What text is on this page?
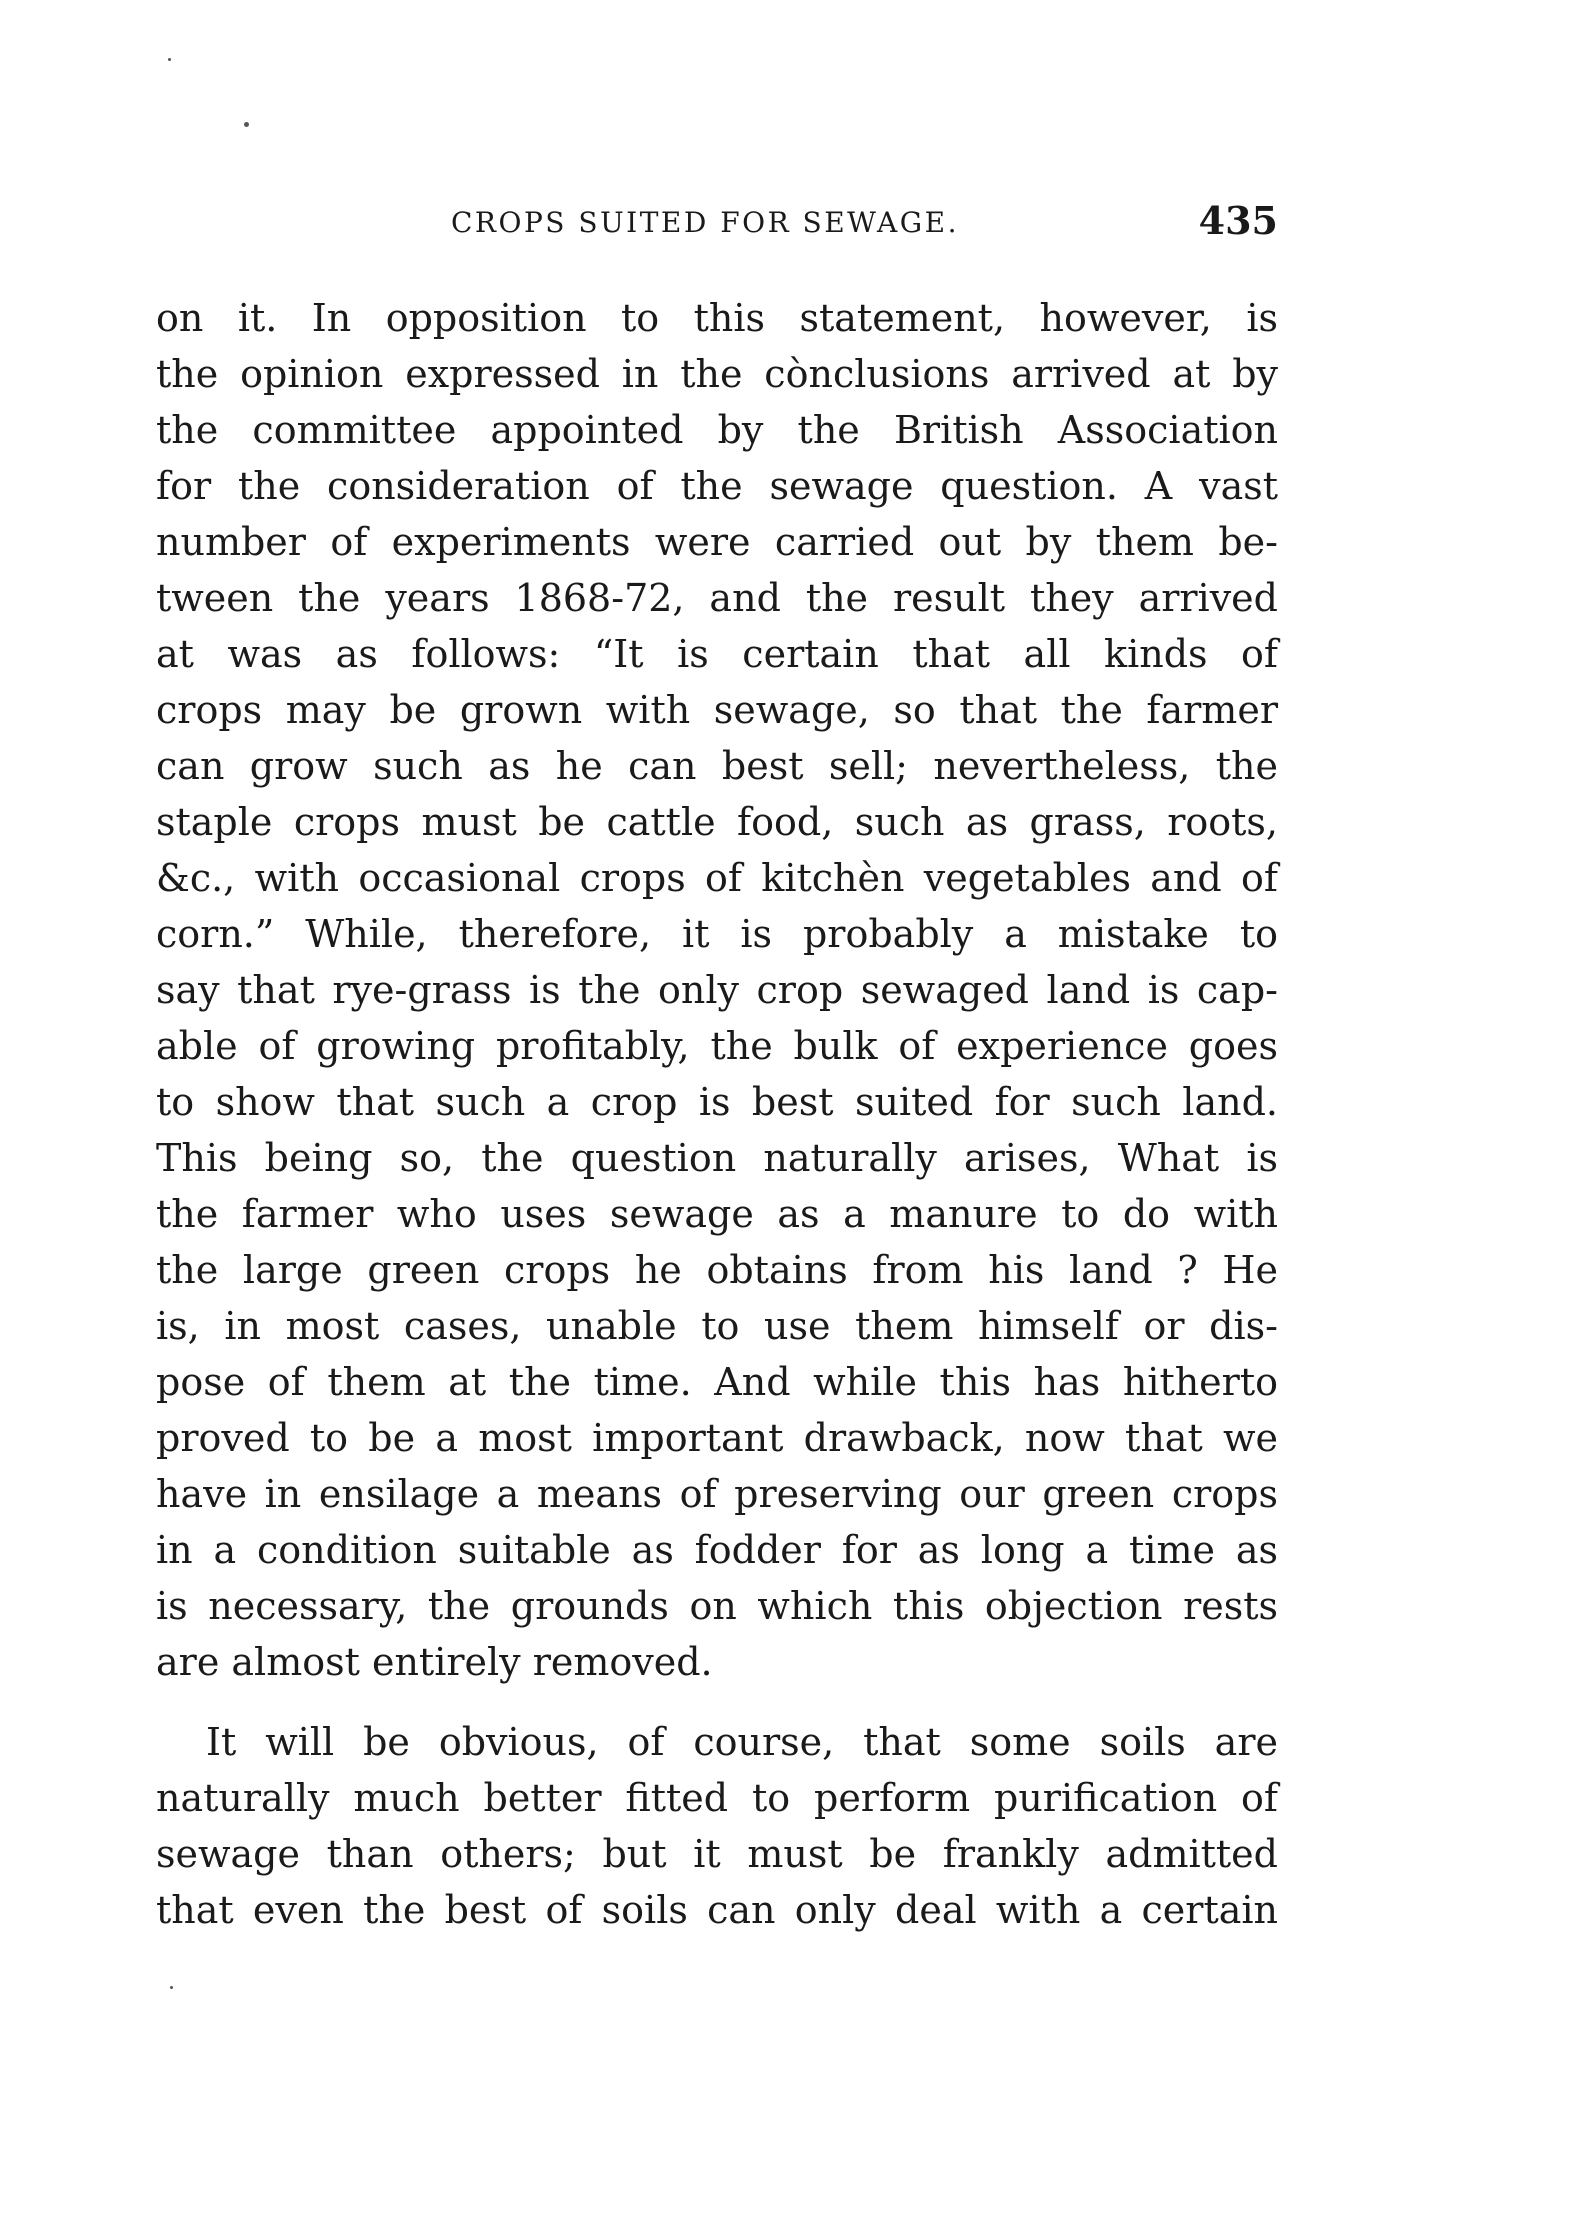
CROPS SUITED FOR SEWAGE.	435
on it. In opposition to this statement, however, is
the opinion expressed in the cònclusions arrived at by
the committee appointed by the British Association
for the consideration of the sewage question. A vast
number of experiments were carried out by them be-
tween the years 1868-72, and the result they arrived
at was as follows: “It is certain that all kinds of
crops may be grown with sewage, so that the farmer
can grow such as he can best sell; nevertheless, the
staple crops must be cattle food, such as grass, roots,
&c., with occasional crops of kitchèn vegetables and of
corn.” While, therefore, it is probably a mistake to
say that rye-grass is the only crop sewaged land is cap-
able of growing profitably, the bulk of experience goes
to show that such a crop is best suited for such land.
This being so, the question naturally arises, What is
the farmer who uses sewage as a manure to do with
the large green crops he obtains from his land ? He
is, in most cases, unable to use them himself or dis-
pose of them at the time. And while this has hitherto
proved to be a most important drawback, now that we
have in ensilage a means of preserving our green crops
in a condition suitable as fodder for as long a time as
is necessary, the grounds on which this objection rests
are almost entirely removed.
It will be obvious, of course, that some soils are
naturally much better fitted to perform purification of
sewage than others; but it must be frankly admitted
that even the best of soils can only deal with a certain
